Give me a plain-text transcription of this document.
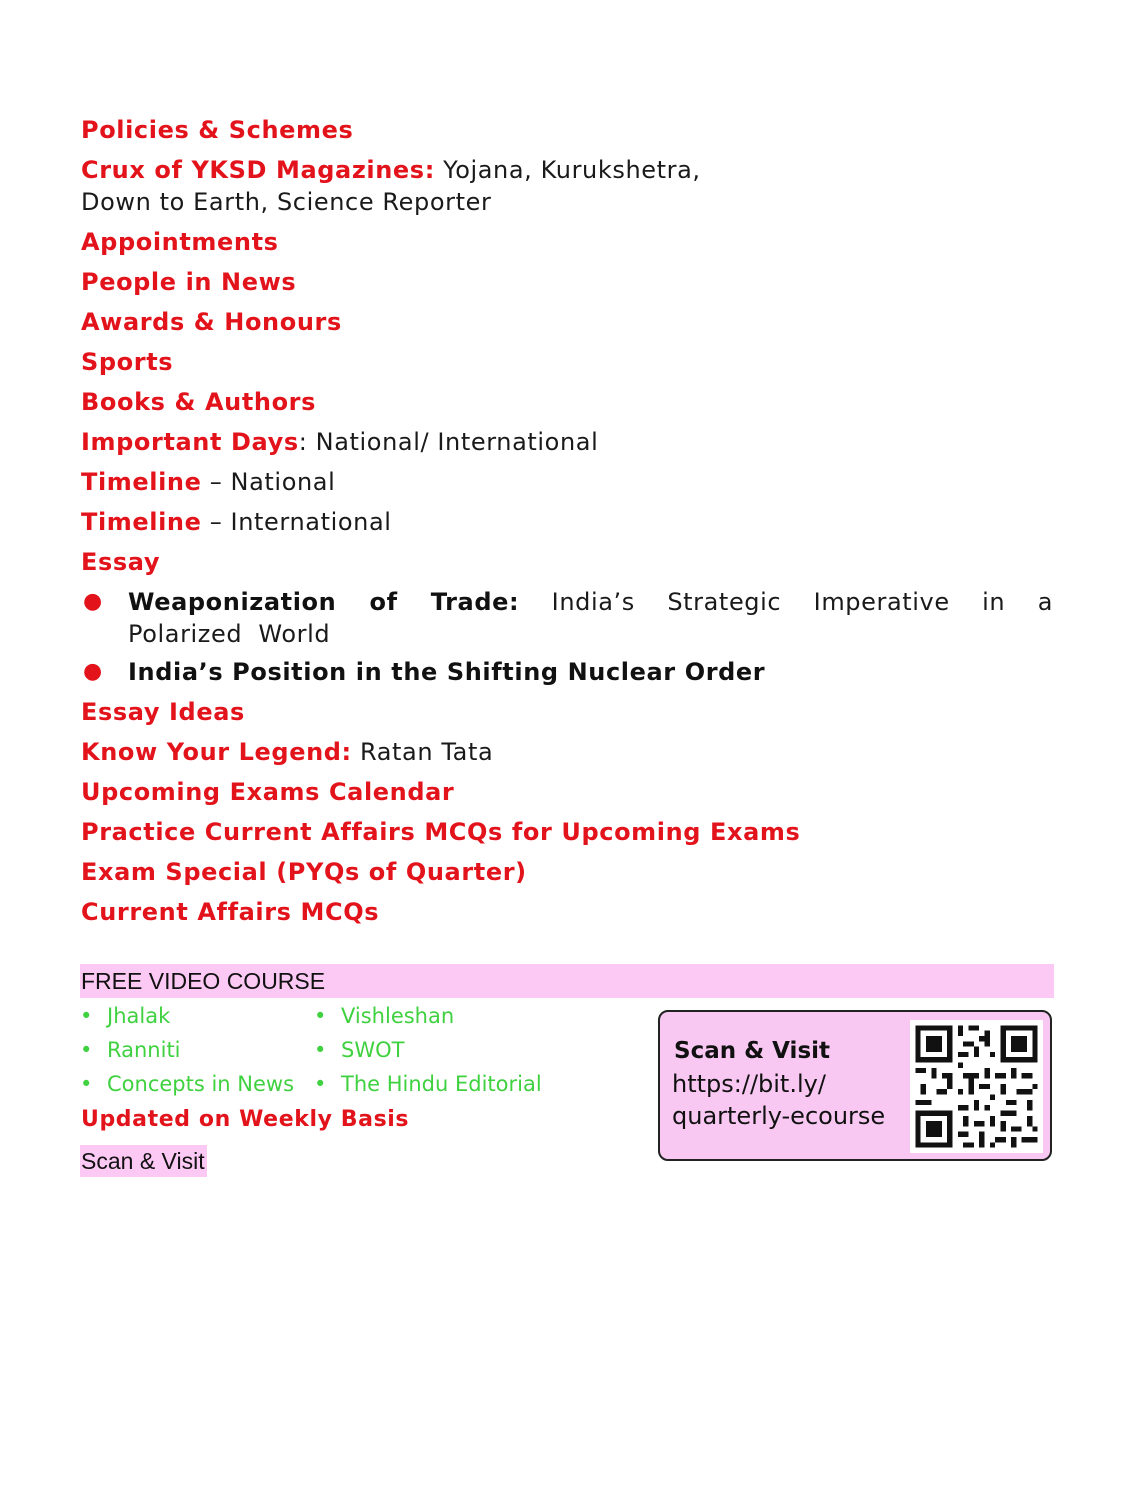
Policies & Schemes
Crux of YKSD Magazines: Yojana, Kurukshetra,
Down to Earth, Science Reporter
Appointments
People in News
Awards & Honours
Sports
Books & Authors
Important Days: National/ International
Timeline – National
Timeline – International
Essay
● Weaponization of Trade: India’s Strategic Imperative in a Polarized World
● India’s Position in the Shifting Nuclear Order
Essay Ideas
Know Your Legend: Ratan Tata
Upcoming Exams Calendar
Practice Current Affairs MCQs for Upcoming Exams
Exam Special (PYQs of Quarter)
Current Affairs MCQs
FREE VIDEO COURSE
• Jhalak
• Ranniti
• Concepts in News
• Vishleshan
• SWOT
• The Hindu Editorial
Updated on Weekly Basis
Scan & Visit
Scan & Visit
https://bit.ly/
quarterly-ecourse
